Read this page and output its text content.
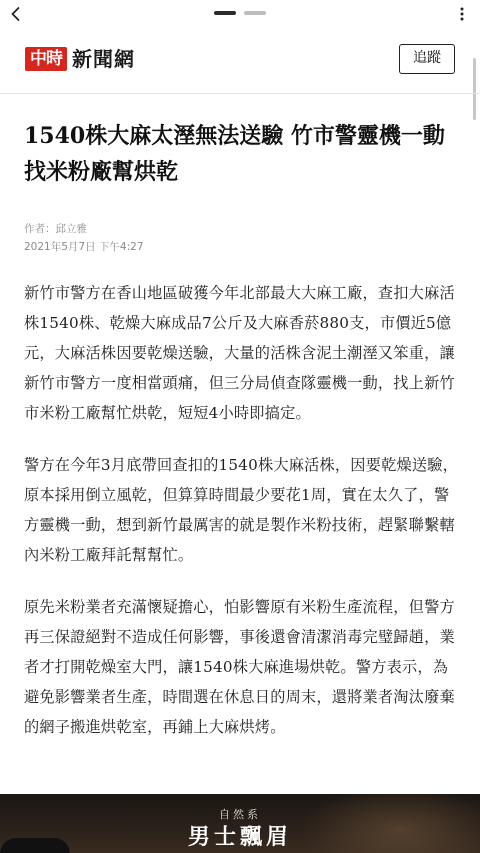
中時 新聞網	追蹤
1540株大麻太溼無法送驗 竹市警靈機一動找米粉廠幫烘乾
作者：邱立雅
2021年5月7日 下午4:27

新竹市警方在香山地區破獲今年北部最大大麻工廠，查扣大麻活株1540株、乾燥大麻成品7公斤及大麻香菸880支，市價近5億元，大麻活株因要乾燥送驗，大量的活株含泥土潮溼又笨重，讓新竹市警方一度相當頭痛，但三分局偵查隊靈機一動，找上新竹市米粉工廠幫忙烘乾，短短4小時即搞定。

警方在今年3月底帶回查扣的1540株大麻活株，因要乾燥送驗，原本採用倒立風乾，但算算時間最少要花1周，實在太久了，警方靈機一動，想到新竹最厲害的就是製作米粉技術，趕緊聯繫轄內米粉工廠拜託幫幫忙。

原先米粉業者充滿懷疑擔心，怕影響原有米粉生產流程，但警方再三保證絕對不造成任何影響，事後還會清潔消毒完璧歸趙，業者才打開乾燥室大門，讓1540株大麻進場烘乾。警方表示，為避免影響業者生產，時間選在休息日的周末，還將業者淘汰廢棄的網子搬進烘乾室，再鋪上大麻烘烤。

自然系
男士飄眉
